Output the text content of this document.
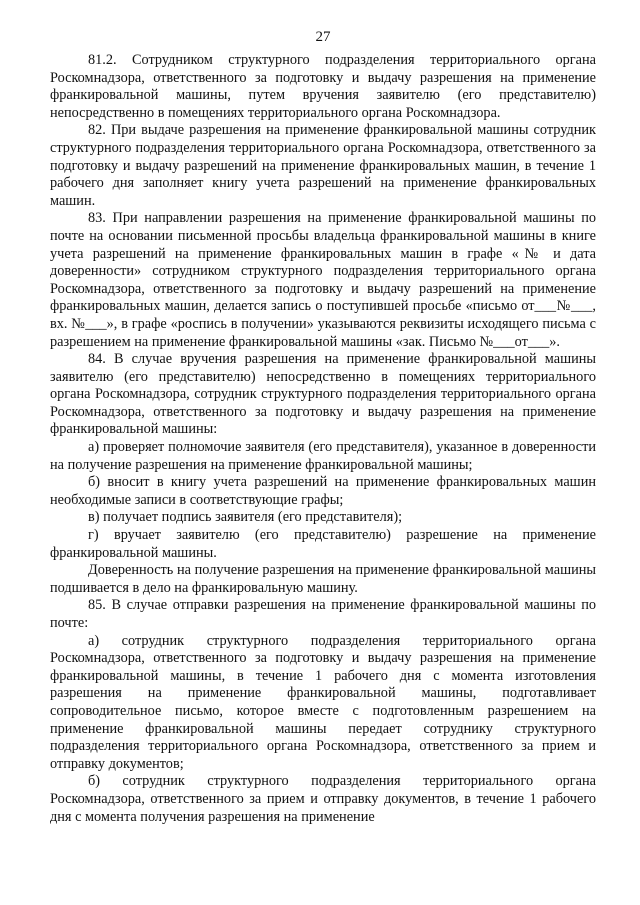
27

81.2. Сотрудником структурного подразделения территориального органа Роскомнадзора, ответственного за подготовку и выдачу разрешения на применение франкировальной машины, путем вручения заявителю (его представителю) непосредственно в помещениях территориального органа Роскомнадзора.

82. При выдаче разрешения на применение франкировальной машины сотрудник структурного подразделения территориального органа Роскомнадзора, ответственного за подготовку и выдачу разрешений на применение франкировальных машин, в течение 1 рабочего дня заполняет книгу учета разрешений на применение франкировальных машин.

83. При направлении разрешения на применение франкировальной машины по почте на основании письменной просьбы владельца франкировальной машины в книге учета разрешений на применение франкировальных машин в графе «№ и дата доверенности» сотрудником структурного подразделения территориального органа Роскомнадзора, ответственного за подготовку и выдачу разрешений на применение франкировальных машин, делается запись о поступившей просьбе «письмо от___№___, вх. №___», в графе «роспись в получении» указываются реквизиты исходящего письма с разрешением на применение франкировальной машины «зак. Письмо №___от___».

84. В случае вручения разрешения на применение франкировальной машины заявителю (его представителю) непосредственно в помещениях территориального органа Роскомнадзора, сотрудник структурного подразделения территориального органа Роскомнадзора, ответственного за подготовку и выдачу разрешения на применение франкировальной машины:

а) проверяет полномочие заявителя (его представителя), указанное в доверенности на получение разрешения на применение франкировальной машины;

б) вносит в книгу учета разрешений на применение франкировальных машин необходимые записи в соответствующие графы;

в) получает подпись заявителя (его представителя);

г) вручает заявителю (его представителю) разрешение на применение франкировальной машины.

Доверенность на получение разрешения на применение франкировальной машины подшивается в дело на франкировальную машину.

85. В случае отправки разрешения на применение франкировальной машины по почте:

а) сотрудник структурного подразделения территориального органа Роскомнадзора, ответственного за подготовку и выдачу разрешения на применение франкировальной машины, в течение 1 рабочего дня с момента изготовления разрешения на применение франкировальной машины, подготавливает сопроводительное письмо, которое вместе с подготовленным разрешением на применение франкировальной машины передает сотруднику структурного подразделения территориального органа Роскомнадзора, ответственного за прием и отправку документов;

б) сотрудник структурного подразделения территориального органа Роскомнадзора, ответственного за прием и отправку документов, в течение 1 рабочего дня с момента получения разрешения на применение
